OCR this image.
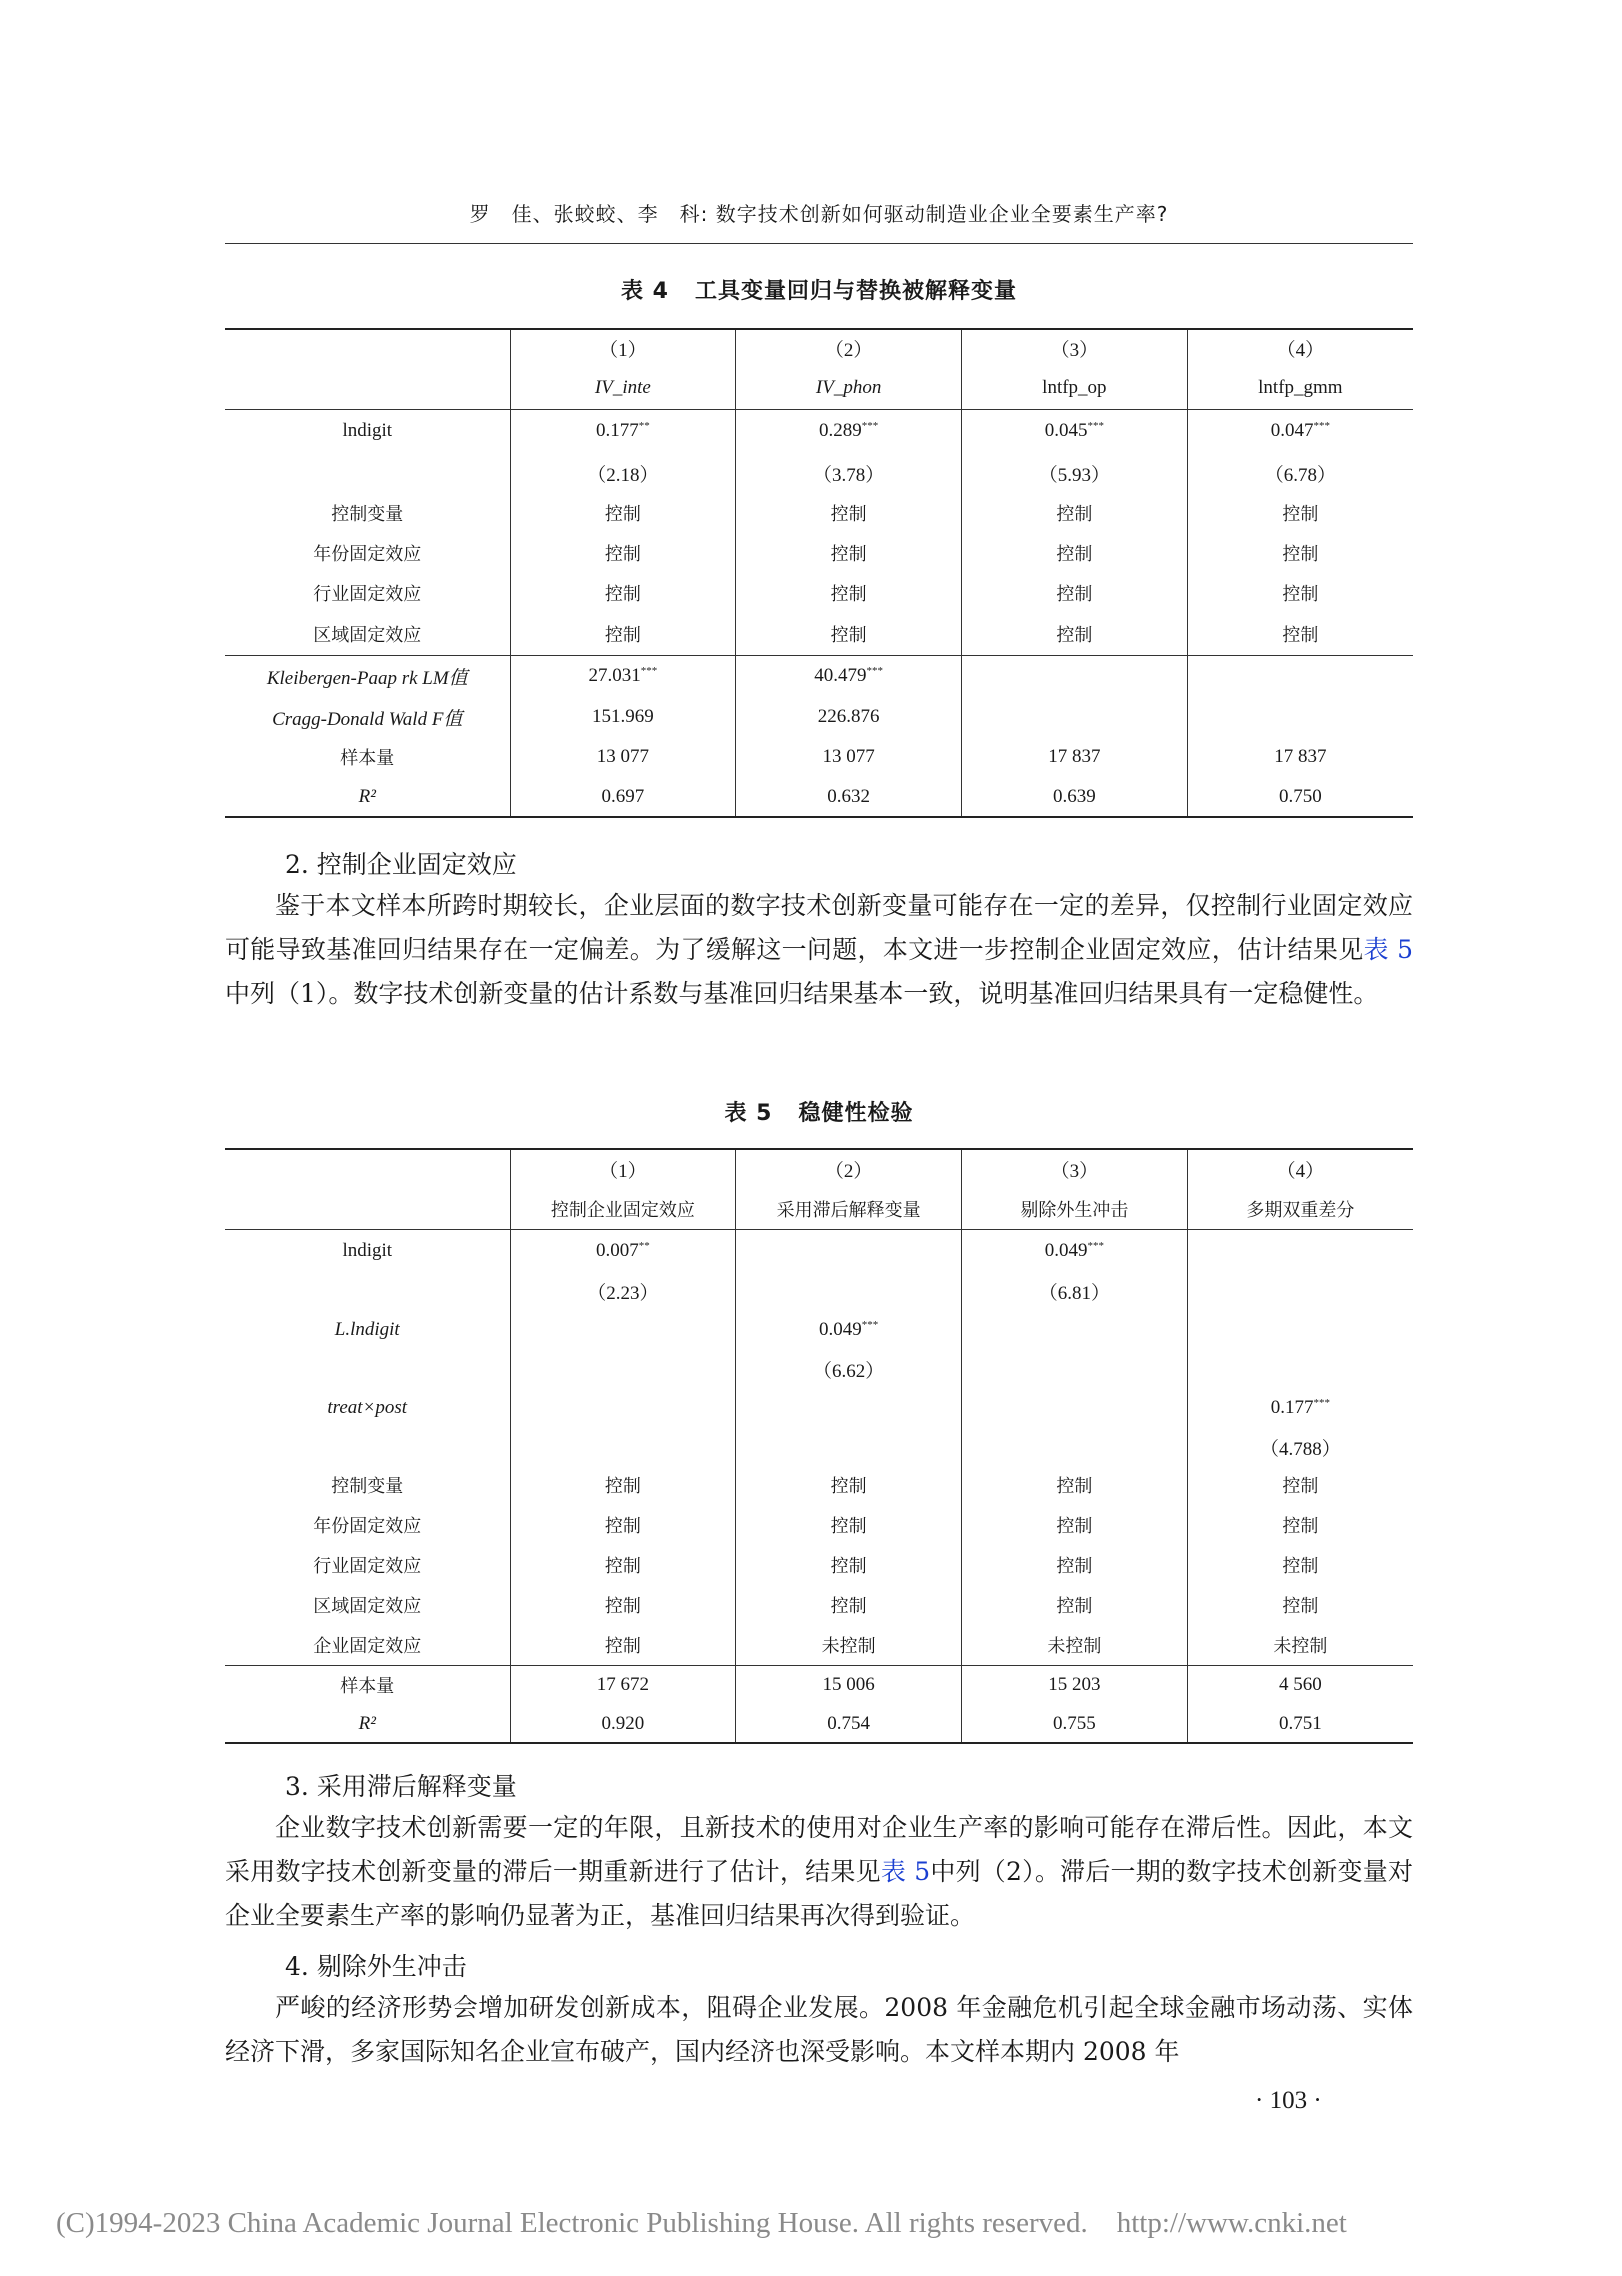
罗　佳、张蛟蛟、李　科: 数字技术创新如何驱动制造业企业全要素生产率?
表 4 工具变量回归与替换被解释变量
	（1）	（2）	（3）	（4）
	IV_inte	IV_phon	lntfp_op	lntfp_gmm
lndigit	0.177**	0.289***	0.045***	0.047***
	（2.18）	（3.78）	（5.93）	（6.78）
控制变量	控制	控制	控制	控制
年份固定效应	控制	控制	控制	控制
行业固定效应	控制	控制	控制	控制
区域固定效应	控制	控制	控制	控制
Kleibergen-Paap rk LM值	27.031***	40.479***		
Cragg-Donald Wald F值	151.969	226.876		
样本量	13 077	13 077	17 837	17 837
R²	0.697	0.632	0.639	0.750
2. 控制企业固定效应

鉴于本文样本所跨时期较长，企业层面的数字技术创新变量可能存在一定的差异，仅控制行业固定效应可能导致基准回归结果存在一定偏差。为了缓解这一问题，本文进一步控制企业固定效应，估计结果见表 5中列（1）。数字技术创新变量的估计系数与基准回归结果基本一致，说明基准回归结果具有一定稳健性。

表 5 稳健性检验
	（1）	（2）	（3）	（4）
	控制企业固定效应	采用滞后解释变量	剔除外生冲击	多期双重差分
lndigit	0.007**		0.049***	
	（2.23）		（6.81）	
L.lndigit		0.049***		
		（6.62）		
treat×post				0.177***
				（4.788）
控制变量	控制	控制	控制	控制
年份固定效应	控制	控制	控制	控制
行业固定效应	控制	控制	控制	控制
区域固定效应	控制	控制	控制	控制
企业固定效应	控制	未控制	未控制	未控制
样本量	17 672	15 006	15 203	4 560
R²	0.920	0.754	0.755	0.751
3. 采用滞后解释变量

企业数字技术创新需要一定的年限，且新技术的使用对企业生产率的影响可能存在滞后性。因此，本文采用数字技术创新变量的滞后一期重新进行了估计，结果见表 5中列（2）。滞后一期的数字技术创新变量对企业全要素生产率的影响仍显著为正，基准回归结果再次得到验证。

4. 剔除外生冲击

严峻的经济形势会增加研发创新成本，阻碍企业发展。2008 年金融危机引起全球金融市场动荡、实体经济下滑，多家国际知名企业宣布破产，国内经济也深受影响。本文样本期内 2008 年

· 103 ·
(C)1994-2023 China Academic Journal Electronic Publishing House. All rights reserved.    http://www.cnki.net
